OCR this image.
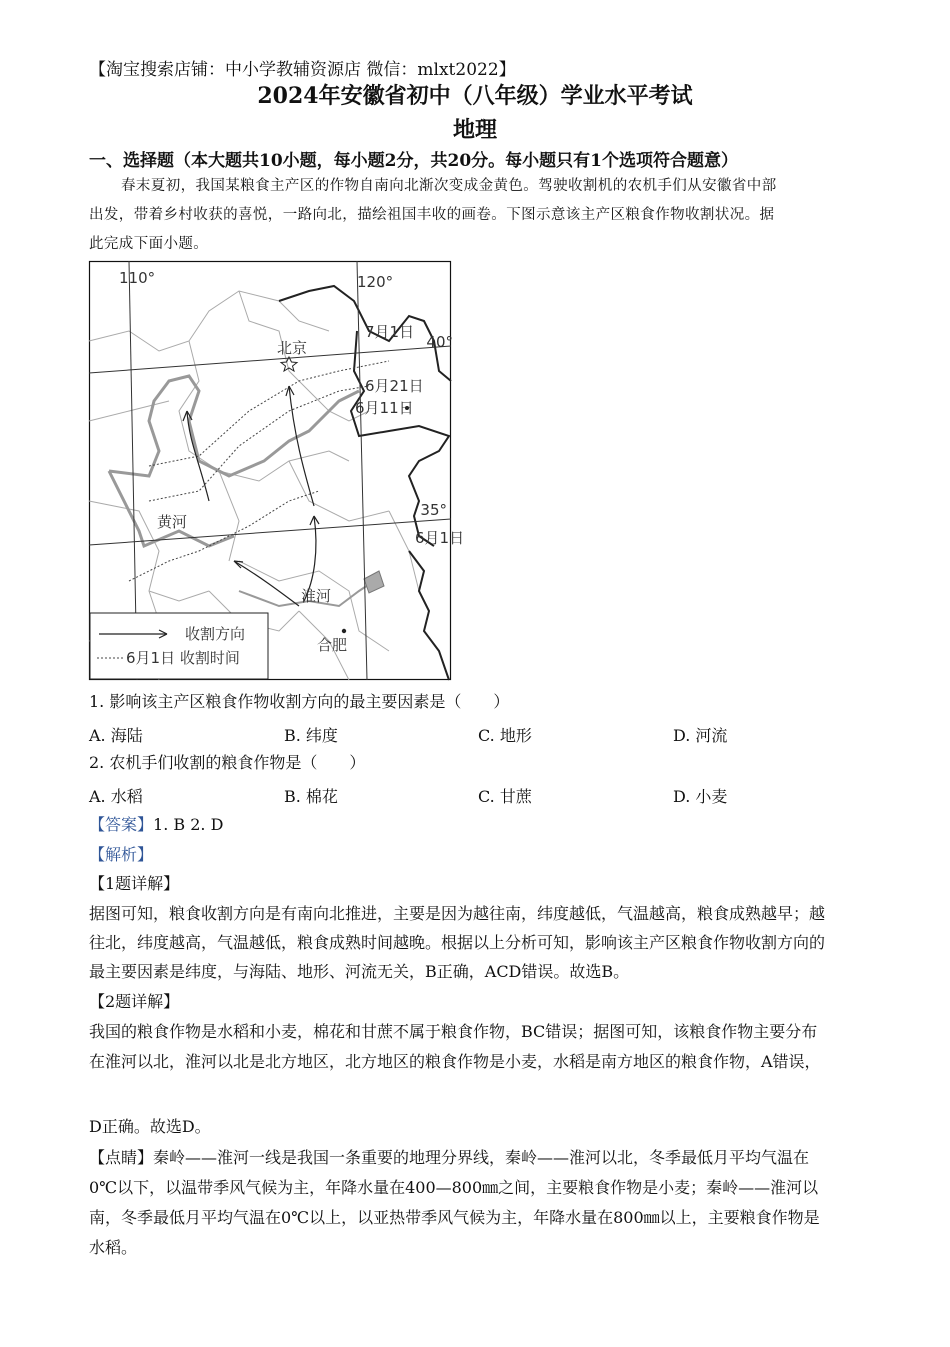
【淘宝搜索店铺：中小学教辅资源店 微信：mlxt2022】
2024年安徽省初中（八年级）学业水平考试
地理
一、选择题（本大题共10小题，每小题2分，共20分。每小题只有1个选项符合题意）
春末夏初，我国某粮食主产区的作物自南向北渐次变成金黄色。驾驶收割机的农机手们从安徽省中部
出发，带着乡村收获的喜悦，一路向北，描绘祖国丰收的画卷。下图示意该主产区粮食作物收割状况。据
此完成下面小题。
110°	120°
40°
35°
7月1日
6月21日
6月11日
6月1日
北京
黄河
淮河
合肥
收割方向
6月1日 收割时间
1. 影响该主产区粮食作物收割方向的最主要因素是（　　）
A. 海陆	B. 纬度	C. 地形	D. 河流
2. 农机手们收割的粮食作物是（　　）
A. 水稻	B. 棉花	C. 甘蔗	D. 小麦
【答案】1. B 2. D
【解析】
【1题详解】
据图可知，粮食收割方向是有南向北推进，主要是因为越往南，纬度越低，气温越高，粮食成熟越早；越
往北，纬度越高，气温越低，粮食成熟时间越晚。根据以上分析可知，影响该主产区粮食作物收割方向的
最主要因素是纬度，与海陆、地形、河流无关，B正确，ACD错误。故选B。
【2题详解】
我国的粮食作物是水稻和小麦，棉花和甘蔗不属于粮食作物，BC错误；据图可知，该粮食作物主要分布
在淮河以北，淮河以北是北方地区，北方地区的粮食作物是小麦，水稻是南方地区的粮食作物，A错误，
D正确。故选D。
【点睛】秦岭——淮河一线是我国一条重要的地理分界线，秦岭——淮河以北，冬季最低月平均气温在
0℃以下，以温带季风气候为主，年降水量在400—800㎜之间，主要粮食作物是小麦；秦岭——淮河以
南，冬季最低月平均气温在0℃以上，以亚热带季风气候为主，年降水量在800㎜以上，主要粮食作物是
水稻。
